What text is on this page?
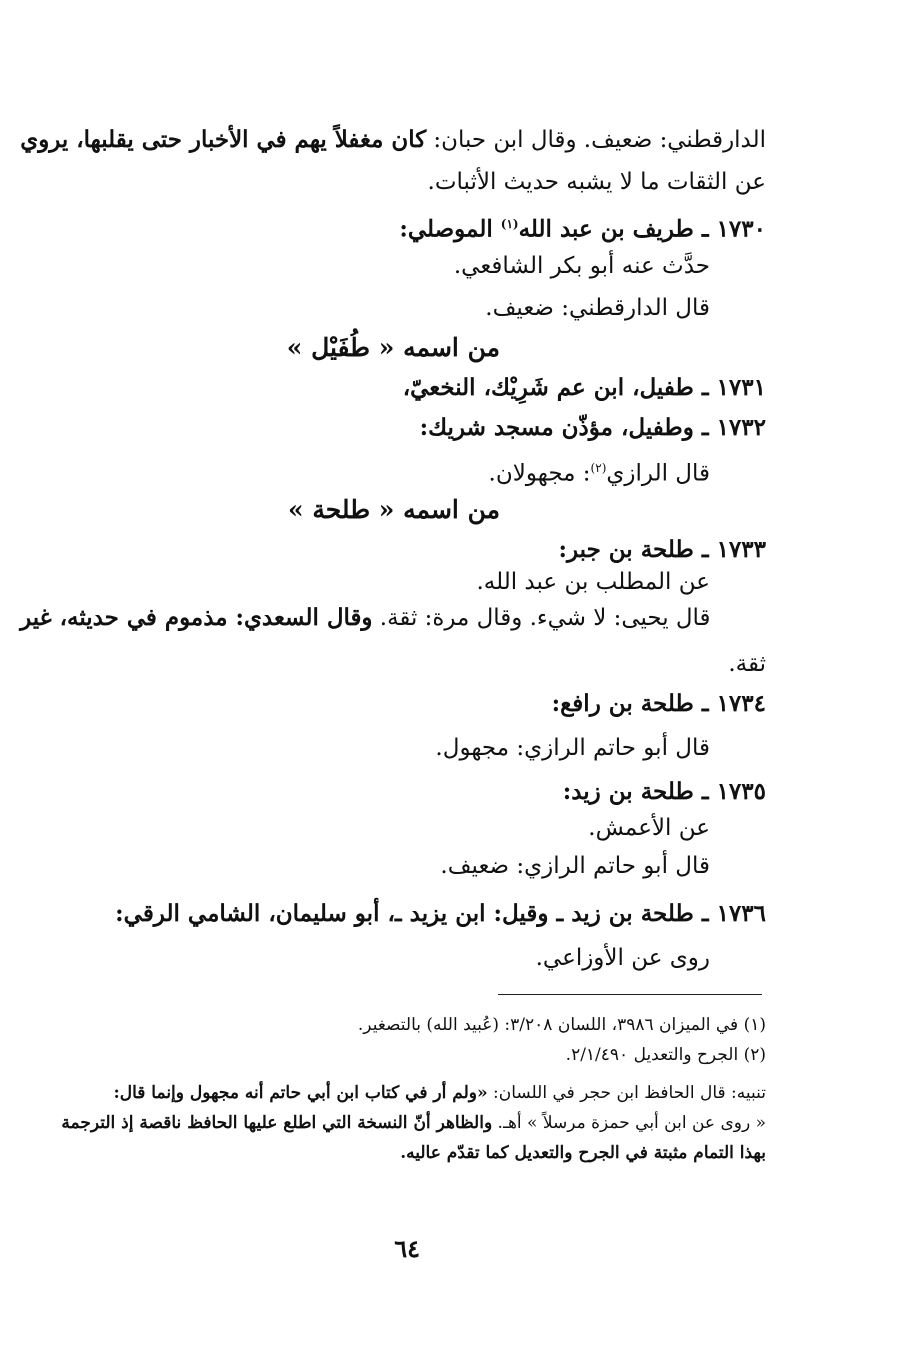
الدارقطني: ضعيف. وقال ابن حبان: كان مغفلاً يهم في الأخبار حتى يقلبها، يروي
عن الثقات ما لا يشبه حديث الأثبات.
١٧٣٠ ـ طريف بن عبد الله$^{(١)}$ الموصلي:
حدَّث عنه أبو بكر الشافعي.
قال الدارقطني: ضعيف.
من اسمه « طُفَيْل »
١٧٣١ ـ طفيل، ابن عم شَرِيْك، النخعيّ،
١٧٣٢ ـ وطفيل، مؤذّن مسجد شريك:
قال الرازي$^{(٢)}$: مجهولان.
من اسمه « طلحة »
١٧٣٣ ـ طلحة بن جبر:
عن المطلب بن عبد الله.
قال يحيى: لا شيء. وقال مرة: ثقة. وقال السعدي: مذموم في حديثه، غير
ثقة.
١٧٣٤ ـ طلحة بن رافع:
قال أبو حاتم الرازي: مجهول.
١٧٣٥ ـ طلحة بن زيد:
عن الأعمش.
قال أبو حاتم الرازي: ضعيف.
١٧٣٦ ـ طلحة بن زيد ـ وقيل: ابن يزيد ـ، أبو سليمان، الشامي الرقي:
روى عن الأوزاعي.
(١) في الميزان ٣٩٨٦، اللسان ٣/٢٠٨: (عُبيد الله) بالتصغير.
(٢) الجرح والتعديل ٢/١/٤٩٠.
تنبيه: قال الحافظ ابن حجر في اللسان: «ولم أر في كتاب ابن أبي حاتم أنه مجهول وإنما قال:
« روى عن ابن أبي حمزة مرسلاً » أهـ. والظاهر أنّ النسخة التي اطلع عليها الحافظ ناقصة إذ الترجمة
بهذا التمام مثبتة في الجرح والتعديل كما تقدّم عاليه.
٦٤
